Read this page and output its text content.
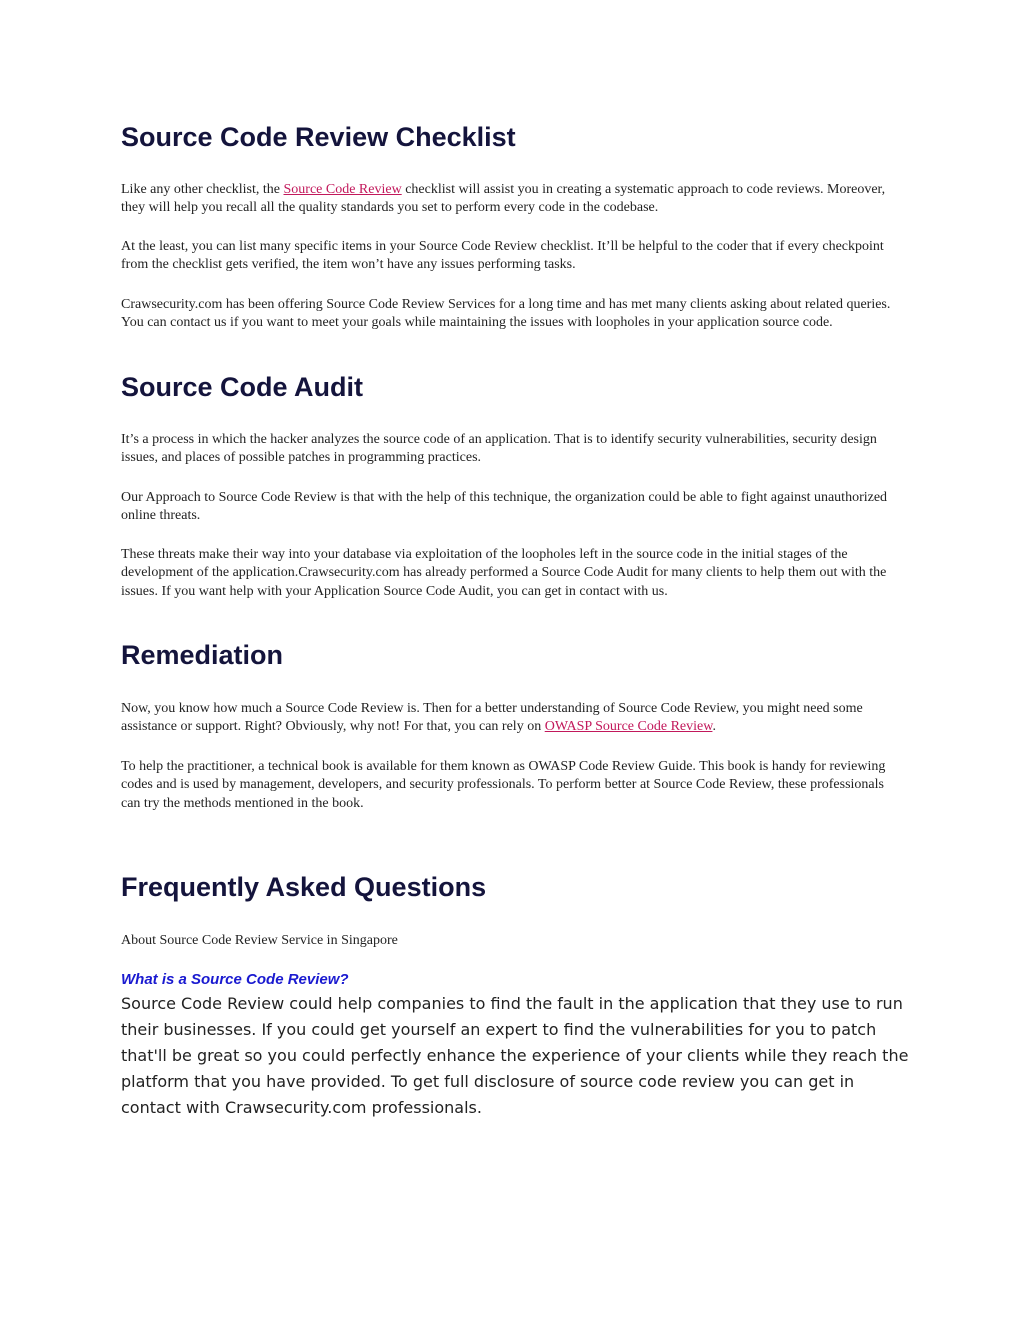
Source Code Review Checklist

Like any other checklist, the Source Code Review checklist will assist you in creating a systematic approach to code reviews. Moreover, they will help you recall all the quality standards you set to perform every code in the codebase.

At the least, you can list many specific items in your Source Code Review checklist. It’ll be helpful to the coder that if every checkpoint from the checklist gets verified, the item won’t have any issues performing tasks.

Crawsecurity.com has been offering Source Code Review Services for a long time and has met many clients asking about related queries. You can contact us if you want to meet your goals while maintaining the issues with loopholes in your application source code.

Source Code Audit

It’s a process in which the hacker analyzes the source code of an application. That is to identify security vulnerabilities, security design issues, and places of possible patches in programming practices.

Our Approach to Source Code Review is that with the help of this technique, the organization could be able to fight against unauthorized online threats.

These threats make their way into your database via exploitation of the loopholes left in the source code in the initial stages of the development of the application.Crawsecurity.com has already performed a Source Code Audit for many clients to help them out with the issues. If you want help with your Application Source Code Audit, you can get in contact with us.

Remediation

Now, you know how much a Source Code Review is. Then for a better understanding of Source Code Review, you might need some assistance or support. Right? Obviously, why not! For that, you can rely on OWASP Source Code Review.

To help the practitioner, a technical book is available for them known as OWASP Code Review Guide. This book is handy for reviewing codes and is used by management, developers, and security professionals. To perform better at Source Code Review, these professionals can try the methods mentioned in the book.

Frequently Asked Questions

About Source Code Review Service in Singapore

What is a Source Code Review?

Source Code Review could help companies to find the fault in the application that they use to run their businesses. If you could get yourself an expert to find the vulnerabilities for you to patch that'll be great so you could perfectly enhance the experience of your clients while they reach the platform that you have provided. To get full disclosure of source code review you can get in contact with Crawsecurity.com professionals.
